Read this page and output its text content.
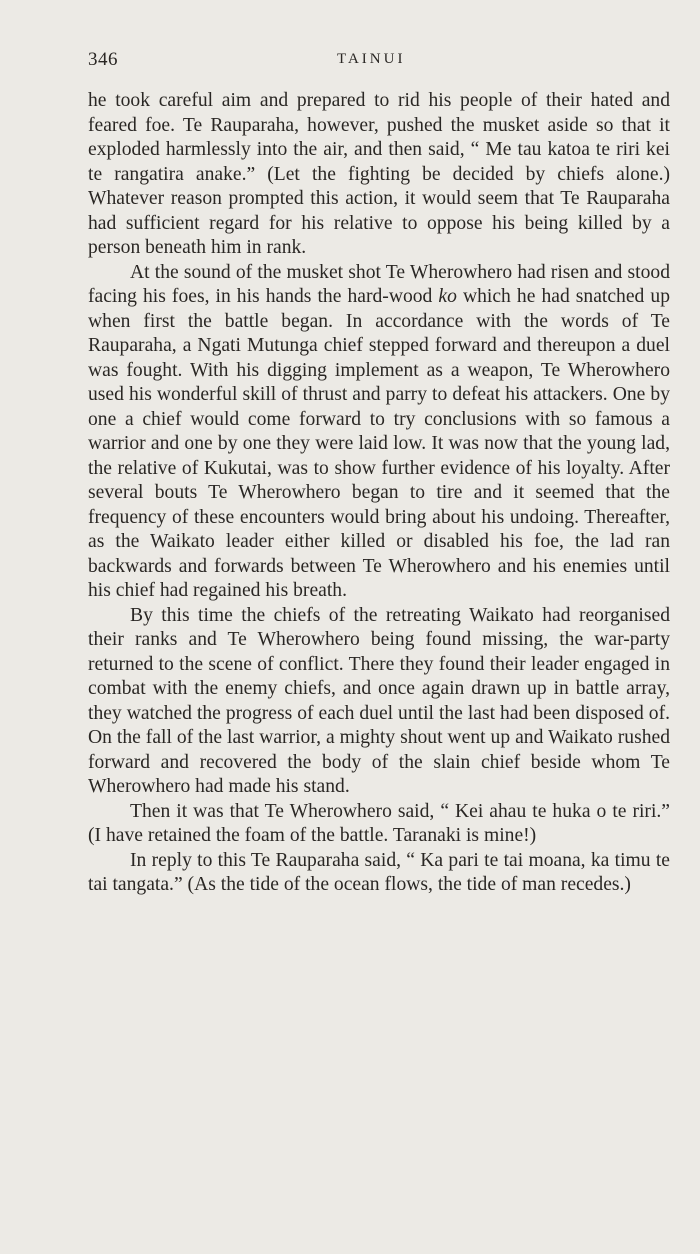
346	TAINUI

he took careful aim and prepared to rid his people of their hated and feared foe. Te Rauparaha, however, pushed the musket aside so that it exploded harmlessly into the air, and then said, “ Me tau katoa te riri kei te rangatira anake.” (Let the fighting be decided by chiefs alone.) Whatever reason prompted this action, it would seem that Te Rauparaha had sufficient regard for his relative to oppose his being killed by a person beneath him in rank.

At the sound of the musket shot Te Wherowhero had risen and stood facing his foes, in his hands the hard-wood ko which he had snatched up when first the battle began. In accordance with the words of Te Rauparaha, a Ngati Mutunga chief stepped forward and thereupon a duel was fought. With his digging implement as a weapon, Te Wherowhero used his wonderful skill of thrust and parry to defeat his attackers. One by one a chief would come forward to try conclusions with so famous a warrior and one by one they were laid low. It was now that the young lad, the relative of Kukutai, was to show further evidence of his loyalty. After several bouts Te Wherowhero began to tire and it seemed that the frequency of these encounters would bring about his undoing. Thereafter, as the Waikato leader either killed or disabled his foe, the lad ran backwards and forwards between Te Wherowhero and his enemies until his chief had regained his breath.

By this time the chiefs of the retreating Waikato had reorganised their ranks and Te Wherowhero being found missing, the war-party returned to the scene of conflict. There they found their leader engaged in combat with the enemy chiefs, and once again drawn up in battle array, they watched the progress of each duel until the last had been disposed of. On the fall of the last warrior, a mighty shout went up and Waikato rushed forward and recovered the body of the slain chief beside whom Te Wherowhero had made his stand.

Then it was that Te Wherowhero said, “ Kei ahau te huka o te riri.” (I have retained the foam of the battle. Taranaki is mine!)

In reply to this Te Rauparaha said, “ Ka pari te tai moana, ka timu te tai tangata.” (As the tide of the ocean flows, the tide of man recedes.)
